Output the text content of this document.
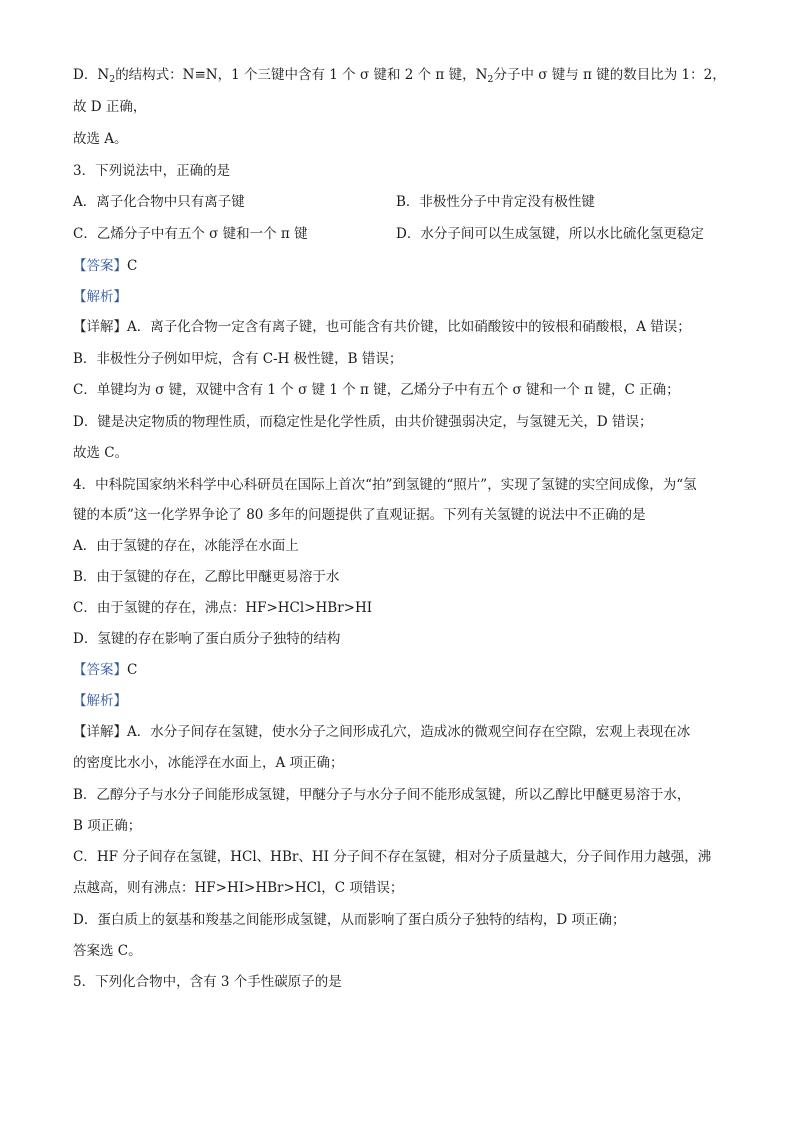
D．$N_2$的结构式：N≡N，1 个三键中含有 1 个 σ 键和 2 个 π 键，$N_2$分子中 σ 键与 π 键的数目比为 1：2，
故 D 正确，
故选 A。
3．下列说法中，正确的是
A．离子化合物中只有离子键	B．非极性分子中肯定没有极性键
C．乙烯分子中有五个 σ 键和一个 π 键	D．水分子间可以生成氢键，所以水比硫化氢更稳定
【答案】C
【解析】
【详解】A．离子化合物一定含有离子键，也可能含有共价键，比如硝酸铵中的铵根和硝酸根，A 错误；
B．非极性分子例如甲烷，含有 C-H 极性键，B 错误；
C．单键均为 σ 键，双键中含有 1 个 σ 键 1 个 π 键，乙烯分子中有五个 σ 键和一个 π 键，C 正确；
D．键是决定物质的物理性质，而稳定性是化学性质，由共价键强弱决定，与氢键无关，D 错误；
故选 C。
4．中科院国家纳米科学中心科研员在国际上首次“拍”到氢键的“照片”，实现了氢键的实空间成像，为“氢
键的本质”这一化学界争论了 80 多年的问题提供了直观证据。下列有关氢键的说法中不正确的是
A．由于氢键的存在，冰能浮在水面上
B．由于氢键的存在，乙醇比甲醚更易溶于水
C．由于氢键的存在，沸点：HF>HCl>HBr>HI
D．氢键的存在影响了蛋白质分子独特的结构
【答案】C
【解析】
【详解】A．水分子间存在氢键，使水分子之间形成孔穴，造成冰的微观空间存在空隙，宏观上表现在冰
的密度比水小，冰能浮在水面上，A 项正确；
B．乙醇分子与水分子间能形成氢键，甲醚分子与水分子间不能形成氢键，所以乙醇比甲醚更易溶于水，
B 项正确；
C．HF 分子间存在氢键，HCl、HBr、HI 分子间不存在氢键，相对分子质量越大，分子间作用力越强，沸
点越高，则有沸点：HF>HI>HBr>HCl，C 项错误；
D．蛋白质上的氨基和羧基之间能形成氢键，从而影响了蛋白质分子独特的结构，D 项正确；
答案选 C。
5．下列化合物中，含有 3 个手性碳原子的是
